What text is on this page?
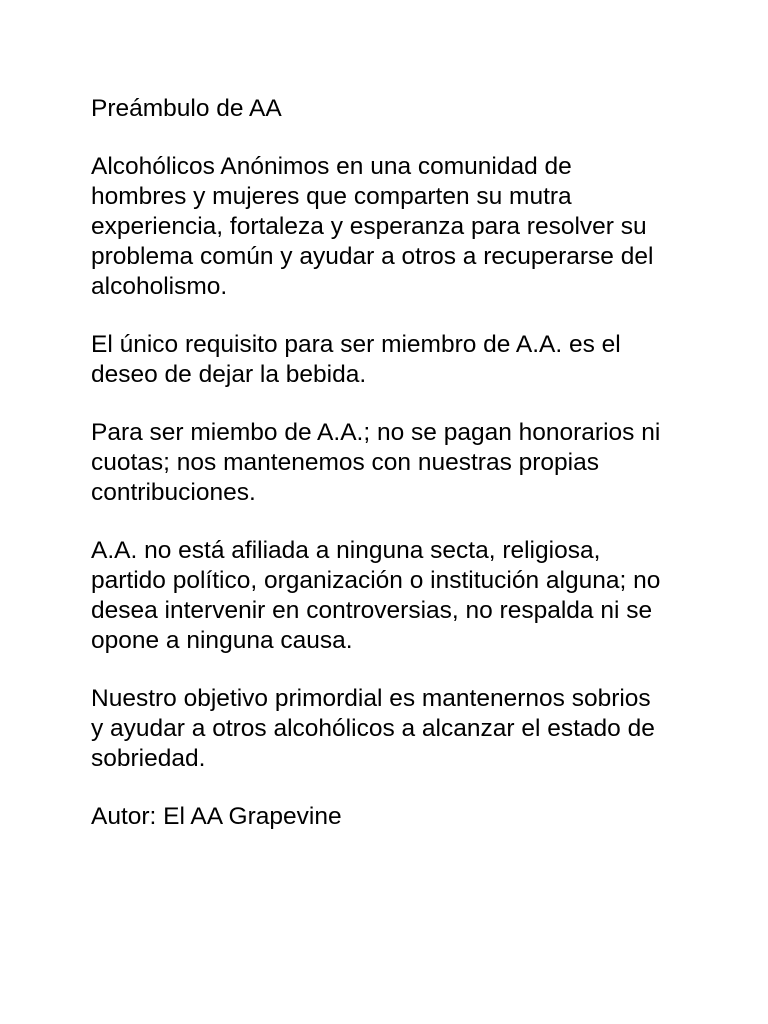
Preámbulo de AA

Alcohólicos Anónimos en una comunidad de
hombres y mujeres que comparten su mutra
experiencia, fortaleza y esperanza para resolver su
problema común y ayudar a otros a recuperarse del
alcoholismo.

El único requisito para ser miembro de A.A. es el
deseo de dejar la bebida.

Para ser miembo de A.A.; no se pagan honorarios ni
cuotas; nos mantenemos con nuestras propias
contribuciones.

A.A. no está afiliada a ninguna secta, religiosa,
partido político, organización o institución alguna; no
desea intervenir en controversias, no respalda ni se
opone a ninguna causa.

Nuestro objetivo primordial es mantenernos sobrios
y ayudar a otros alcohólicos a alcanzar el estado de
sobriedad.

Autor: El AA Grapevine
